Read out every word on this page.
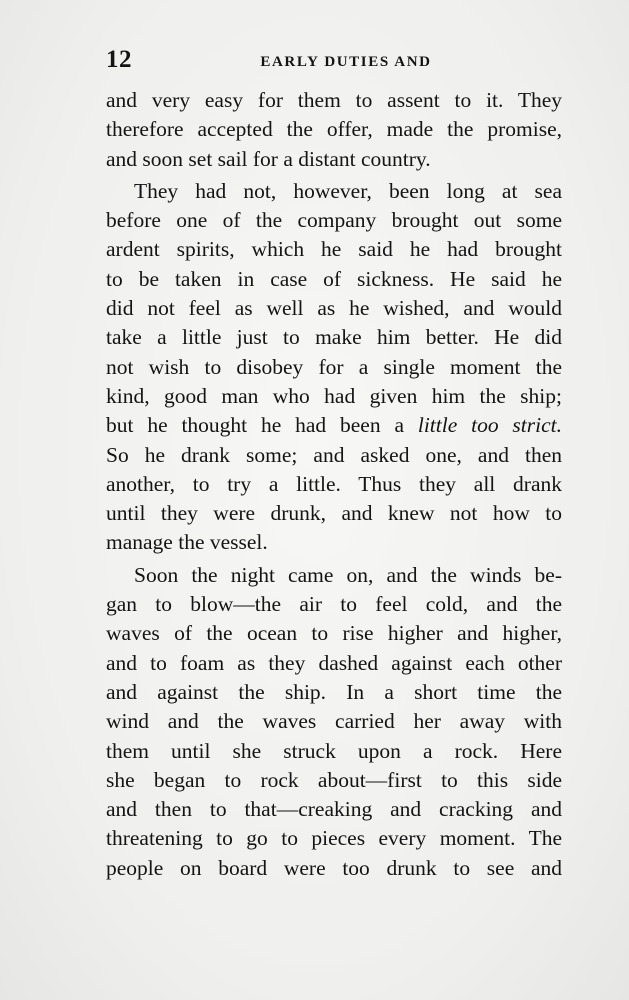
12	EARLY DUTIES AND
and very easy for them to assent to it. They
therefore accepted the offer, made the promise,
and soon set sail for a distant country.
They had not, however, been long at sea
before one of the company brought out some
ardent spirits, which he said he had brought
to be taken in case of sickness. He said he
did not feel as well as he wished, and would
take a little just to make him better. He did
not wish to disobey for a single moment the
kind, good man who had given him the ship;
but he thought he had been a little too strict.
So he drank some; and asked one, and then
another, to try a little. Thus they all drank
until they were drunk, and knew not how to
manage the vessel.
Soon the night came on, and the winds be-
gan to blow—the air to feel cold, and the
waves of the ocean to rise higher and higher,
and to foam as they dashed against each other
and against the ship. In a short time the
wind and the waves carried her away with
them until she struck upon a rock. Here
she began to rock about—first to this side
and then to that—creaking and cracking and
threatening to go to pieces every moment. The
people on board were too drunk to see and
